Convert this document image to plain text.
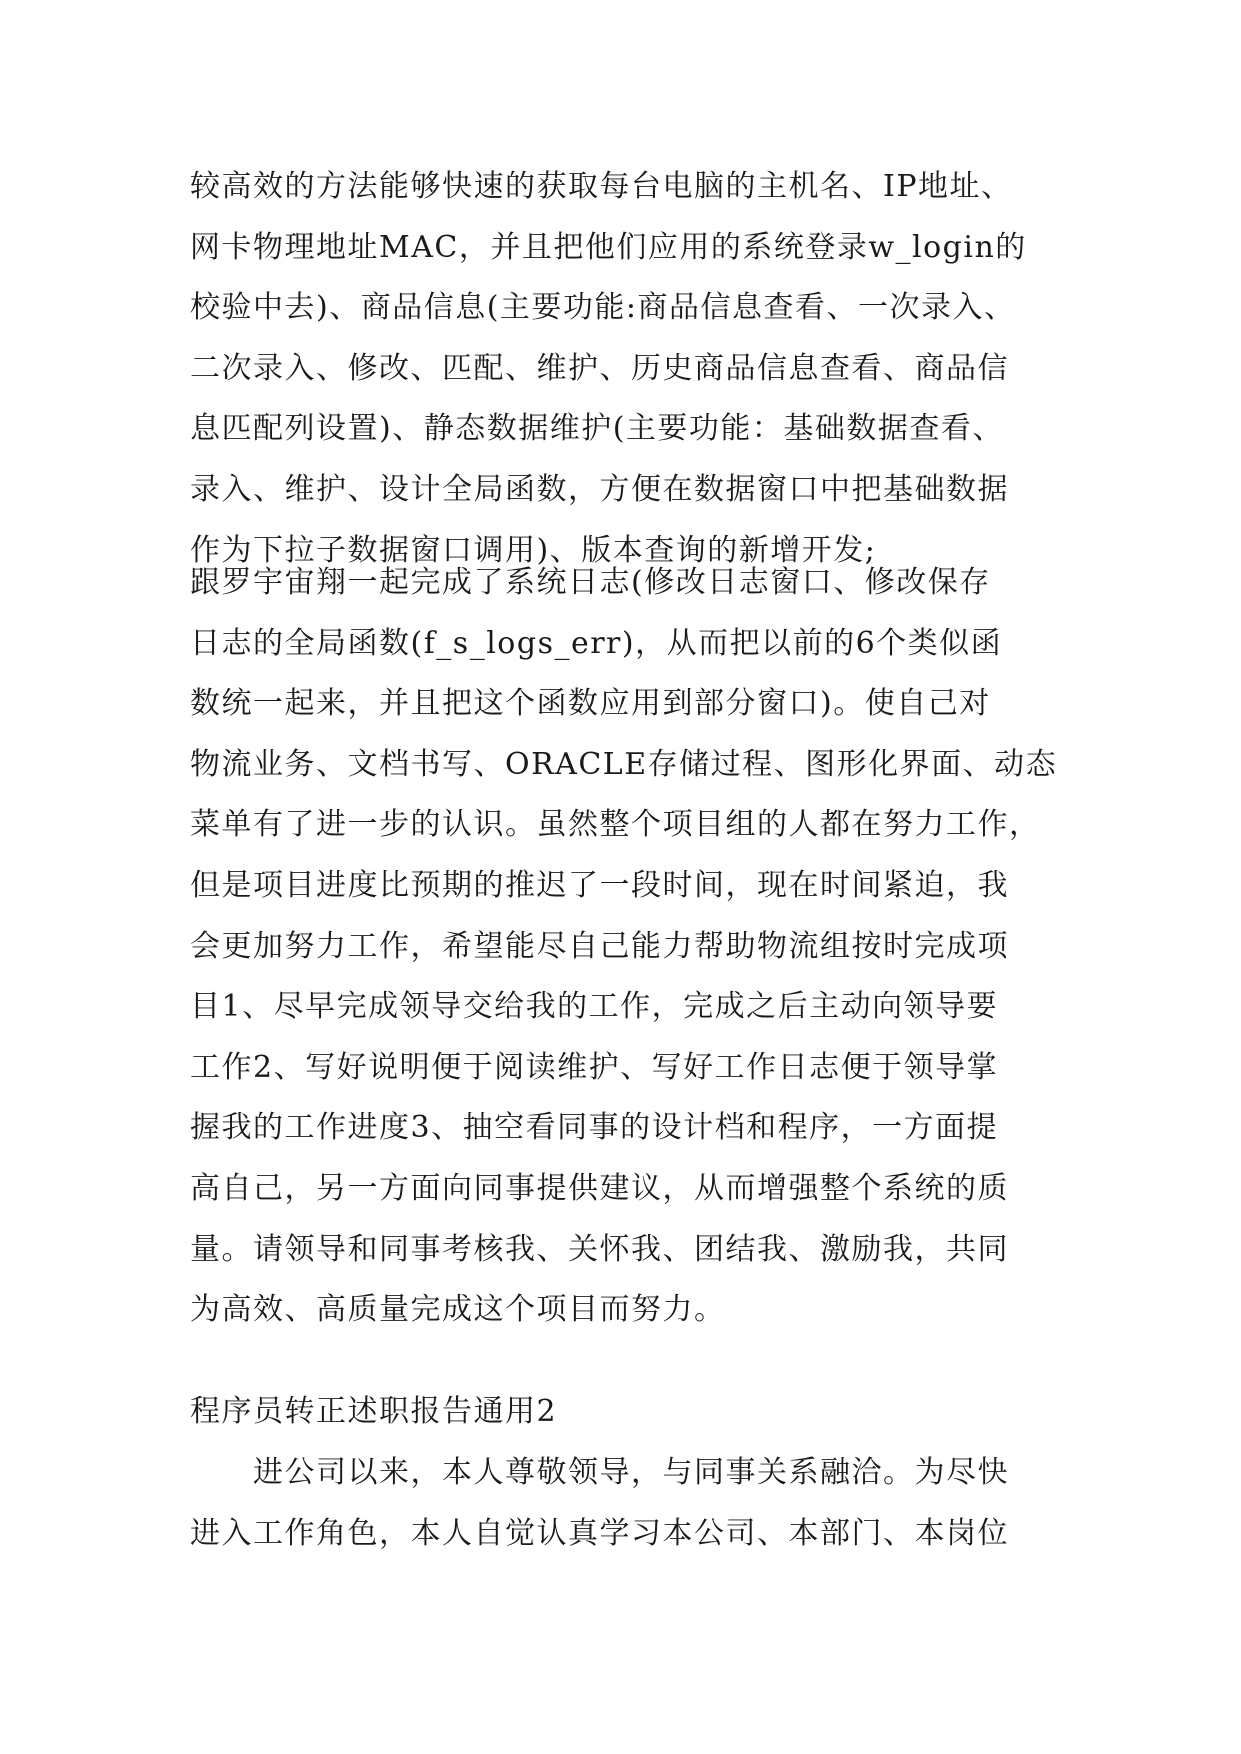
较高效的方法能够快速的获取每台电脑的主机名、IP地址、
网卡物理地址MAC，并且把他们应用的系统登录w_login的
校验中去)、商品信息(主要功能:商品信息查看、一次录入、
二次录入、修改、匹配、维护、历史商品信息查看、商品信
息匹配列设置)、静态数据维护(主要功能：基础数据查看、
录入、维护、设计全局函数，方便在数据窗口中把基础数据
作为下拉子数据窗口调用)、版本查询的新增开发;
跟罗宇宙翔一起完成了系统日志(修改日志窗口、修改保存
日志的全局函数(f_s_logs_err)，从而把以前的6个类似函
数统一起来，并且把这个函数应用到部分窗口)。使自己对
物流业务、文档书写、ORACLE存储过程、图形化界面、动态
菜单有了进一步的认识。虽然整个项目组的人都在努力工作，
但是项目进度比预期的推迟了一段时间，现在时间紧迫，我
会更加努力工作，希望能尽自己能力帮助物流组按时完成项
目1、尽早完成领导交给我的工作，完成之后主动向领导要
工作2、写好说明便于阅读维护、写好工作日志便于领导掌
握我的工作进度3、抽空看同事的设计档和程序，一方面提
高自己，另一方面向同事提供建议，从而增强整个系统的质
量。请领导和同事考核我、关怀我、团结我、激励我，共同
为高效、高质量完成这个项目而努力。
程序员转正述职报告通用2
　　进公司以来，本人尊敬领导，与同事关系融洽。为尽快
进入工作角色，本人自觉认真学习本公司、本部门、本岗位
